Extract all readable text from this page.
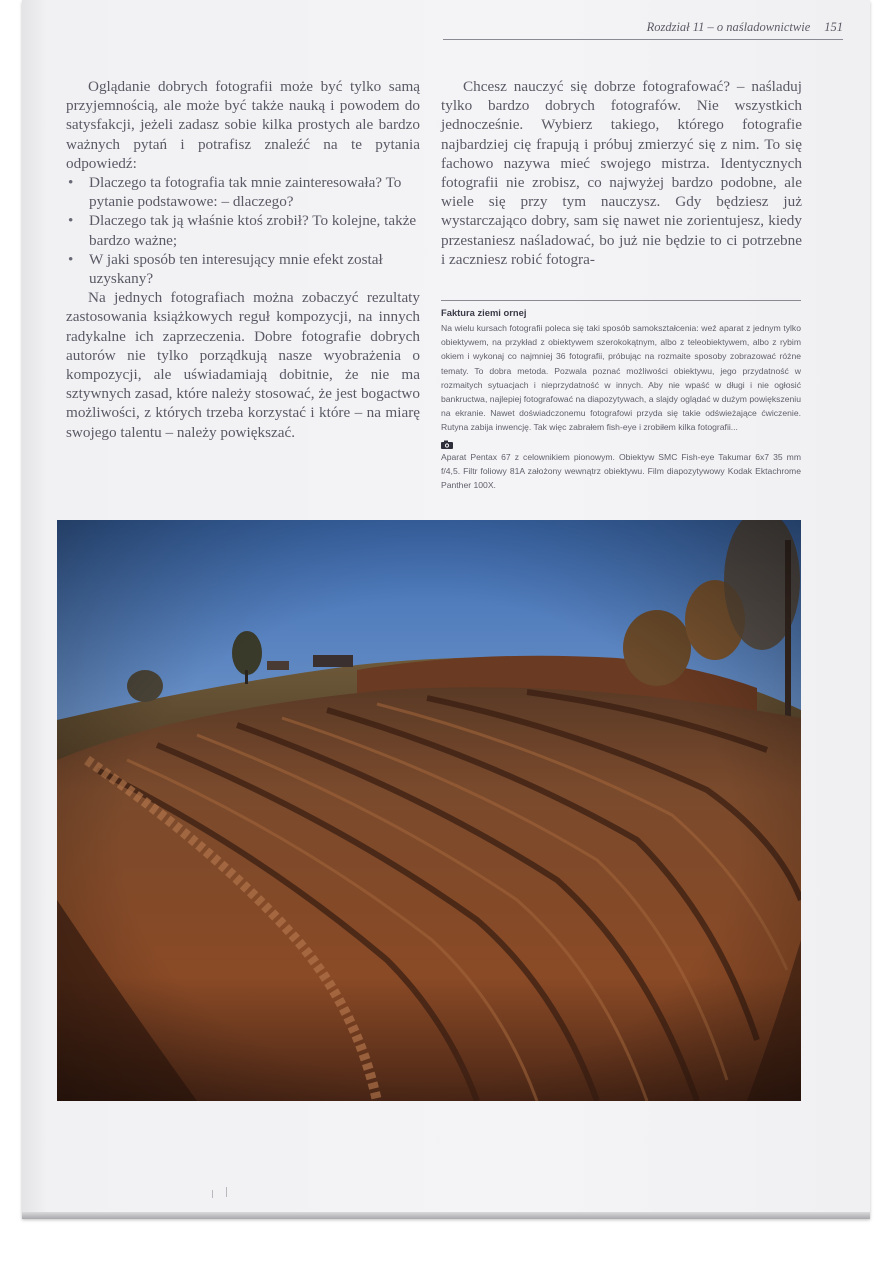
Rozdział 11 – o naśladownictwie 151

Oglądanie dobrych fotografii może być tylko samą przyjemnością, ale może być także nauką i powodem do satysfakcji, jeżeli zadasz sobie kilka prostych ale bardzo ważnych pytań i potrafisz znaleźć na te pytania odpowiedź:

• Dlaczego ta fotografia tak mnie zainteresowała? To pytanie podstawowe: – dlaczego?
• Dlaczego tak ją właśnie ktoś zrobił? To kolejne, także bardzo ważne;
• W jaki sposób ten interesujący mnie efekt został uzyskany?

Na jednych fotografiach można zobaczyć rezultaty zastosowania książkowych reguł kompozycji, na innych radykalne ich zaprzeczenia. Dobre fotografie dobrych autorów nie tylko porządkują nasze wyobrażenia o kompozycji, ale uświadamiają dobitnie, że nie ma sztywnych zasad, które należy stosować, że jest bogactwo możliwości, z których trzeba korzystać i które – na miarę swojego talentu – należy powiększać.

Chcesz nauczyć się dobrze fotografować? – naśladuj tylko bardzo dobrych fotografów. Nie wszystkich jednocześnie. Wybierz takiego, którego fotografie najbardziej cię frapują i próbuj zmierzyć się z nim. To się fachowo nazywa mieć swojego mistrza. Identycznych fotografii nie zrobisz, co najwyżej bardzo podobne, ale wiele się przy tym nauczysz. Gdy będziesz już wystarczająco dobry, sam się nawet nie zorientujesz, kiedy przestaniesz naśladować, bo już nie będzie to ci potrzebne i zaczniesz robić fotogra-

Faktura ziemi ornej

Na wielu kursach fotografii poleca się taki sposób samokształcenia: weź aparat z jednym tylko obiektywem, na przykład z obiektywem szerokokątnym, albo z teleobiektywem, albo z rybim okiem i wykonaj co najmniej 36 fotografii, próbując na rozmaite sposoby zobrazować różne tematy. To dobra metoda. Pozwala poznać możliwości obiektywu, jego przydatność w rozmaitych sytuacjach i nieprzydatność w innych. Aby nie wpaść w długi i nie ogłosić bankructwa, najlepiej fotografować na diapozytywach, a slajdy oglądać w dużym powiększeniu na ekranie. Nawet doświadczonemu fotografowi przyda się takie odświeżające ćwiczenie. Rutyna zabija inwencję. Tak więc zabrałem fish-eye i zrobiłem kilka fotografii...

Aparat Pentax 67 z celownikiem pionowym. Obiektyw SMC Fish-eye Takumar 6x7 35 mm f/4,5. Filtr foliowy 81A założony wewnątrz obiektywu. Film diapozytywowy Kodak Ektachrome Panther 100X.
